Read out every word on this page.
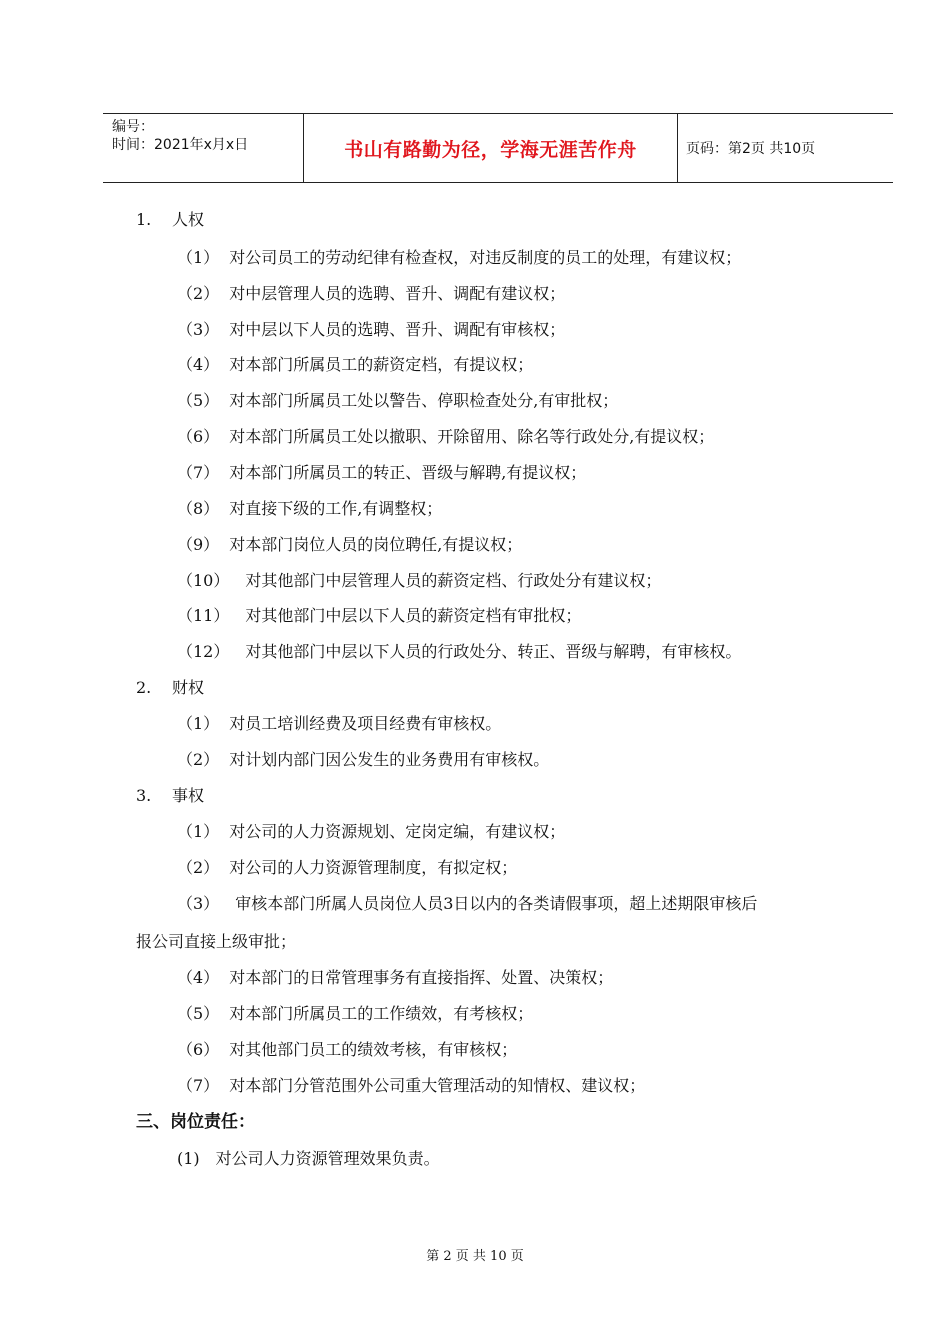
编号：
时间：2021年x月x日	书山有路勤为径，学海无涯苦作舟	页码：第2页 共10页
1. 人权
（1） 对公司员工的劳动纪律有检查权，对违反制度的员工的处理，有建议权；
（2） 对中层管理人员的选聘、晋升、调配有建议权；
（3） 对中层以下人员的选聘、晋升、调配有审核权；
（4） 对本部门所属员工的薪资定档，有提议权；
（5） 对本部门所属员工处以警告、停职检查处分,有审批权；
（6） 对本部门所属员工处以撤职、开除留用、除名等行政处分,有提议权；
（7） 对本部门所属员工的转正、晋级与解聘,有提议权；
（8） 对直接下级的工作,有调整权；
（9） 对本部门岗位人员的岗位聘任,有提议权；
（10） 对其他部门中层管理人员的薪资定档、行政处分有建议权；
（11） 对其他部门中层以下人员的薪资定档有审批权；
（12） 对其他部门中层以下人员的行政处分、转正、晋级与解聘，有审核权。
2. 财权
（1） 对员工培训经费及项目经费有审核权。
（2） 对计划内部门因公发生的业务费用有审核权。
3. 事权
（1） 对公司的人力资源规划、定岗定编，有建议权；
（2） 对公司的人力资源管理制度，有拟定权；
（3） 审核本部门所属人员岗位人员3日以内的各类请假事项，超上述期限审核后
报公司直接上级审批；
（4） 对本部门的日常管理事务有直接指挥、处置、决策权；
（5） 对本部门所属员工的工作绩效，有考核权；
（6） 对其他部门员工的绩效考核，有审核权；
（7） 对本部门分管范围外公司重大管理活动的知情权、建议权；
三、岗位责任：
(1) 对公司人力资源管理效果负责。
第 2 页 共 10 页
